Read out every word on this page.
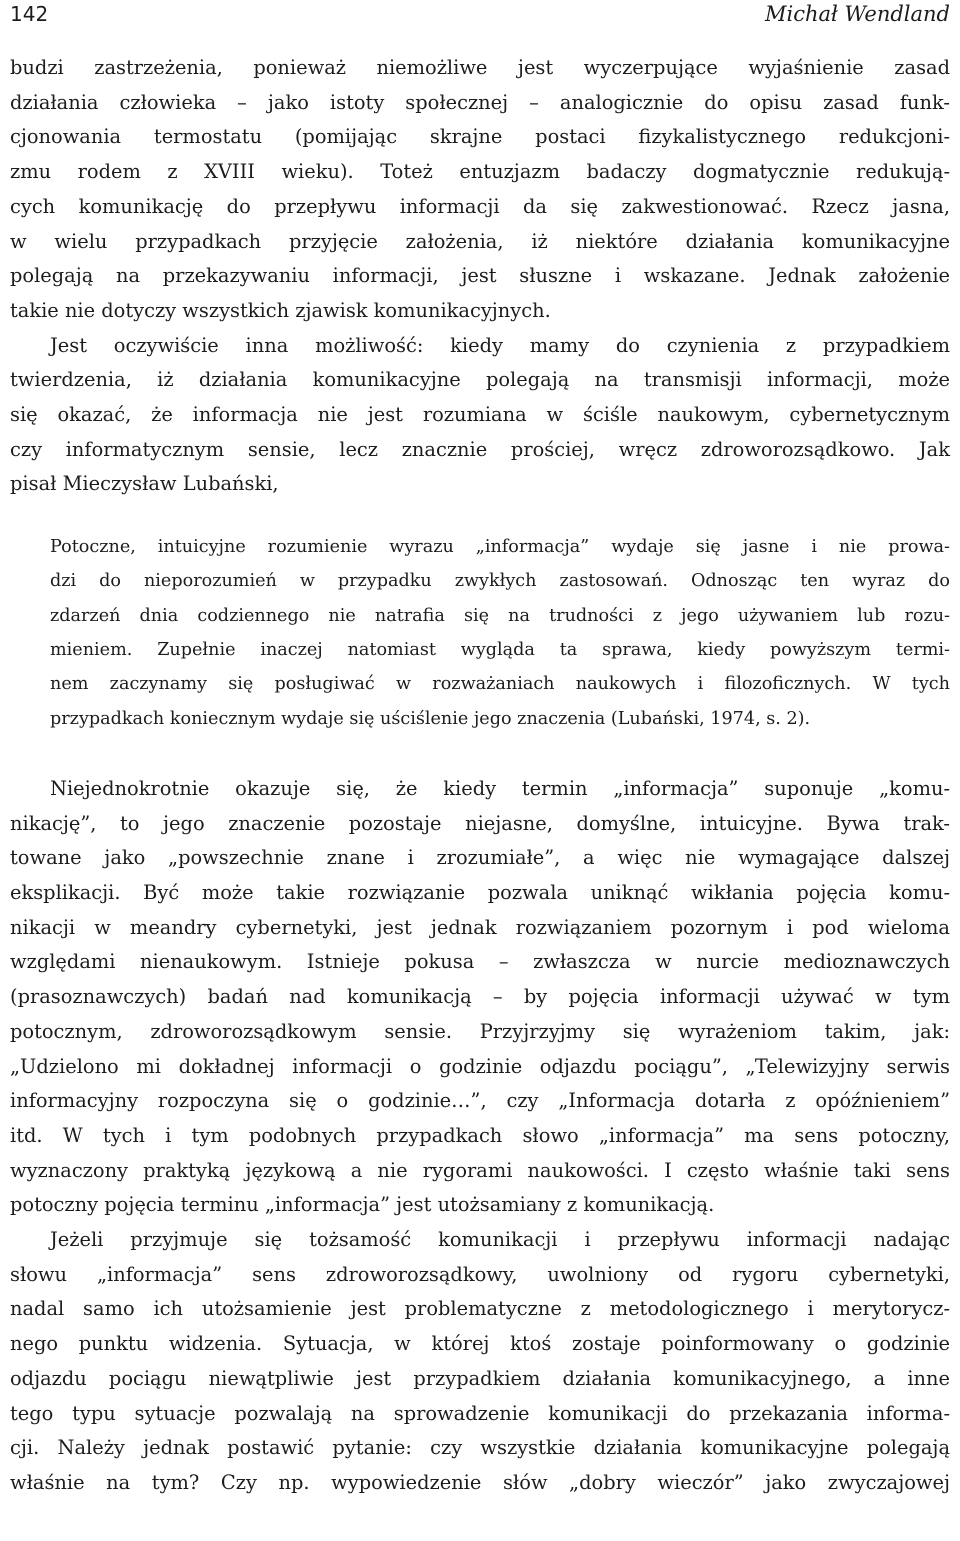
142	Michał Wendland

budzi zastrzeżenia, ponieważ niemożliwe jest wyczerpujące wyjaśnienie zasad
działania człowieka – jako istoty społecznej – analogicznie do opisu zasad funk-
cjonowania termostatu (pomijając skrajne postaci fizykalistycznego redukcjoni-
zmu rodem z XVIII wieku). Toteż entuzjazm badaczy dogmatycznie redukują-
cych komunikację do przepływu informacji da się zakwestionować. Rzecz jasna,
w wielu przypadkach przyjęcie założenia, iż niektóre działania komunikacyjne
polegają na przekazywaniu informacji, jest słuszne i wskazane. Jednak założenie
takie nie dotyczy wszystkich zjawisk komunikacyjnych.

Jest oczywiście inna możliwość: kiedy mamy do czynienia z przypadkiem
twierdzenia, iż działania komunikacyjne polegają na transmisji informacji, może
się okazać, że informacja nie jest rozumiana w ściśle naukowym, cybernetycznym
czy informatycznym sensie, lecz znacznie prościej, wręcz zdroworozsądkowo. Jak
pisał Mieczysław Lubański,

Potoczne, intuicyjne rozumienie wyrazu „informacja” wydaje się jasne i nie prowa-
dzi do nieporozumień w przypadku zwykłych zastosowań. Odnosząc ten wyraz do
zdarzeń dnia codziennego nie natrafia się na trudności z jego używaniem lub rozu-
mieniem. Zupełnie inaczej natomiast wygląda ta sprawa, kiedy powyższym termi-
nem zaczynamy się posługiwać w rozważaniach naukowych i filozoficznych. W tych
przypadkach koniecznym wydaje się uściślenie jego znaczenia (Lubański, 1974, s. 2).

Niejednokrotnie okazuje się, że kiedy termin „informacja” suponuje „komu-
nikację”, to jego znaczenie pozostaje niejasne, domyślne, intuicyjne. Bywa trak-
towane jako „powszechnie znane i zrozumiałe”, a więc nie wymagające dalszej
eksplikacji. Być może takie rozwiązanie pozwala uniknąć wikłania pojęcia komu-
nikacji w meandry cybernetyki, jest jednak rozwiązaniem pozornym i pod wieloma
względami nienaukowym. Istnieje pokusa – zwłaszcza w nurcie medioznawczych
(prasoznawczych) badań nad komunikacją – by pojęcia informacji używać w tym
potocznym, zdroworozsądkowym sensie. Przyjrzyjmy się wyrażeniom takim, jak:
„Udzielono mi dokładnej informacji o godzinie odjazdu pociągu”, „Telewizyjny serwis
informacyjny rozpoczyna się o godzinie…”, czy „Informacja dotarła z opóźnieniem”
itd. W tych i tym podobnych przypadkach słowo „informacja” ma sens potoczny,
wyznaczony praktyką językową a nie rygorami naukowości. I często właśnie taki sens
potoczny pojęcia terminu „informacja” jest utożsamiany z komunikacją.

Jeżeli przyjmuje się tożsamość komunikacji i przepływu informacji nadając
słowu „informacja” sens zdroworozsądkowy, uwolniony od rygoru cybernetyki,
nadal samo ich utożsamienie jest problematyczne z metodologicznego i merytorycz-
nego punktu widzenia. Sytuacja, w której ktoś zostaje poinformowany o godzinie
odjazdu pociągu niewątpliwie jest przypadkiem działania komunikacyjnego, a inne
tego typu sytuacje pozwalają na sprowadzenie komunikacji do przekazania informa-
cji. Należy jednak postawić pytanie: czy wszystkie działania komunikacyjne polegają
właśnie na tym? Czy np. wypowiedzenie słów „dobry wieczór” jako zwyczajowej
